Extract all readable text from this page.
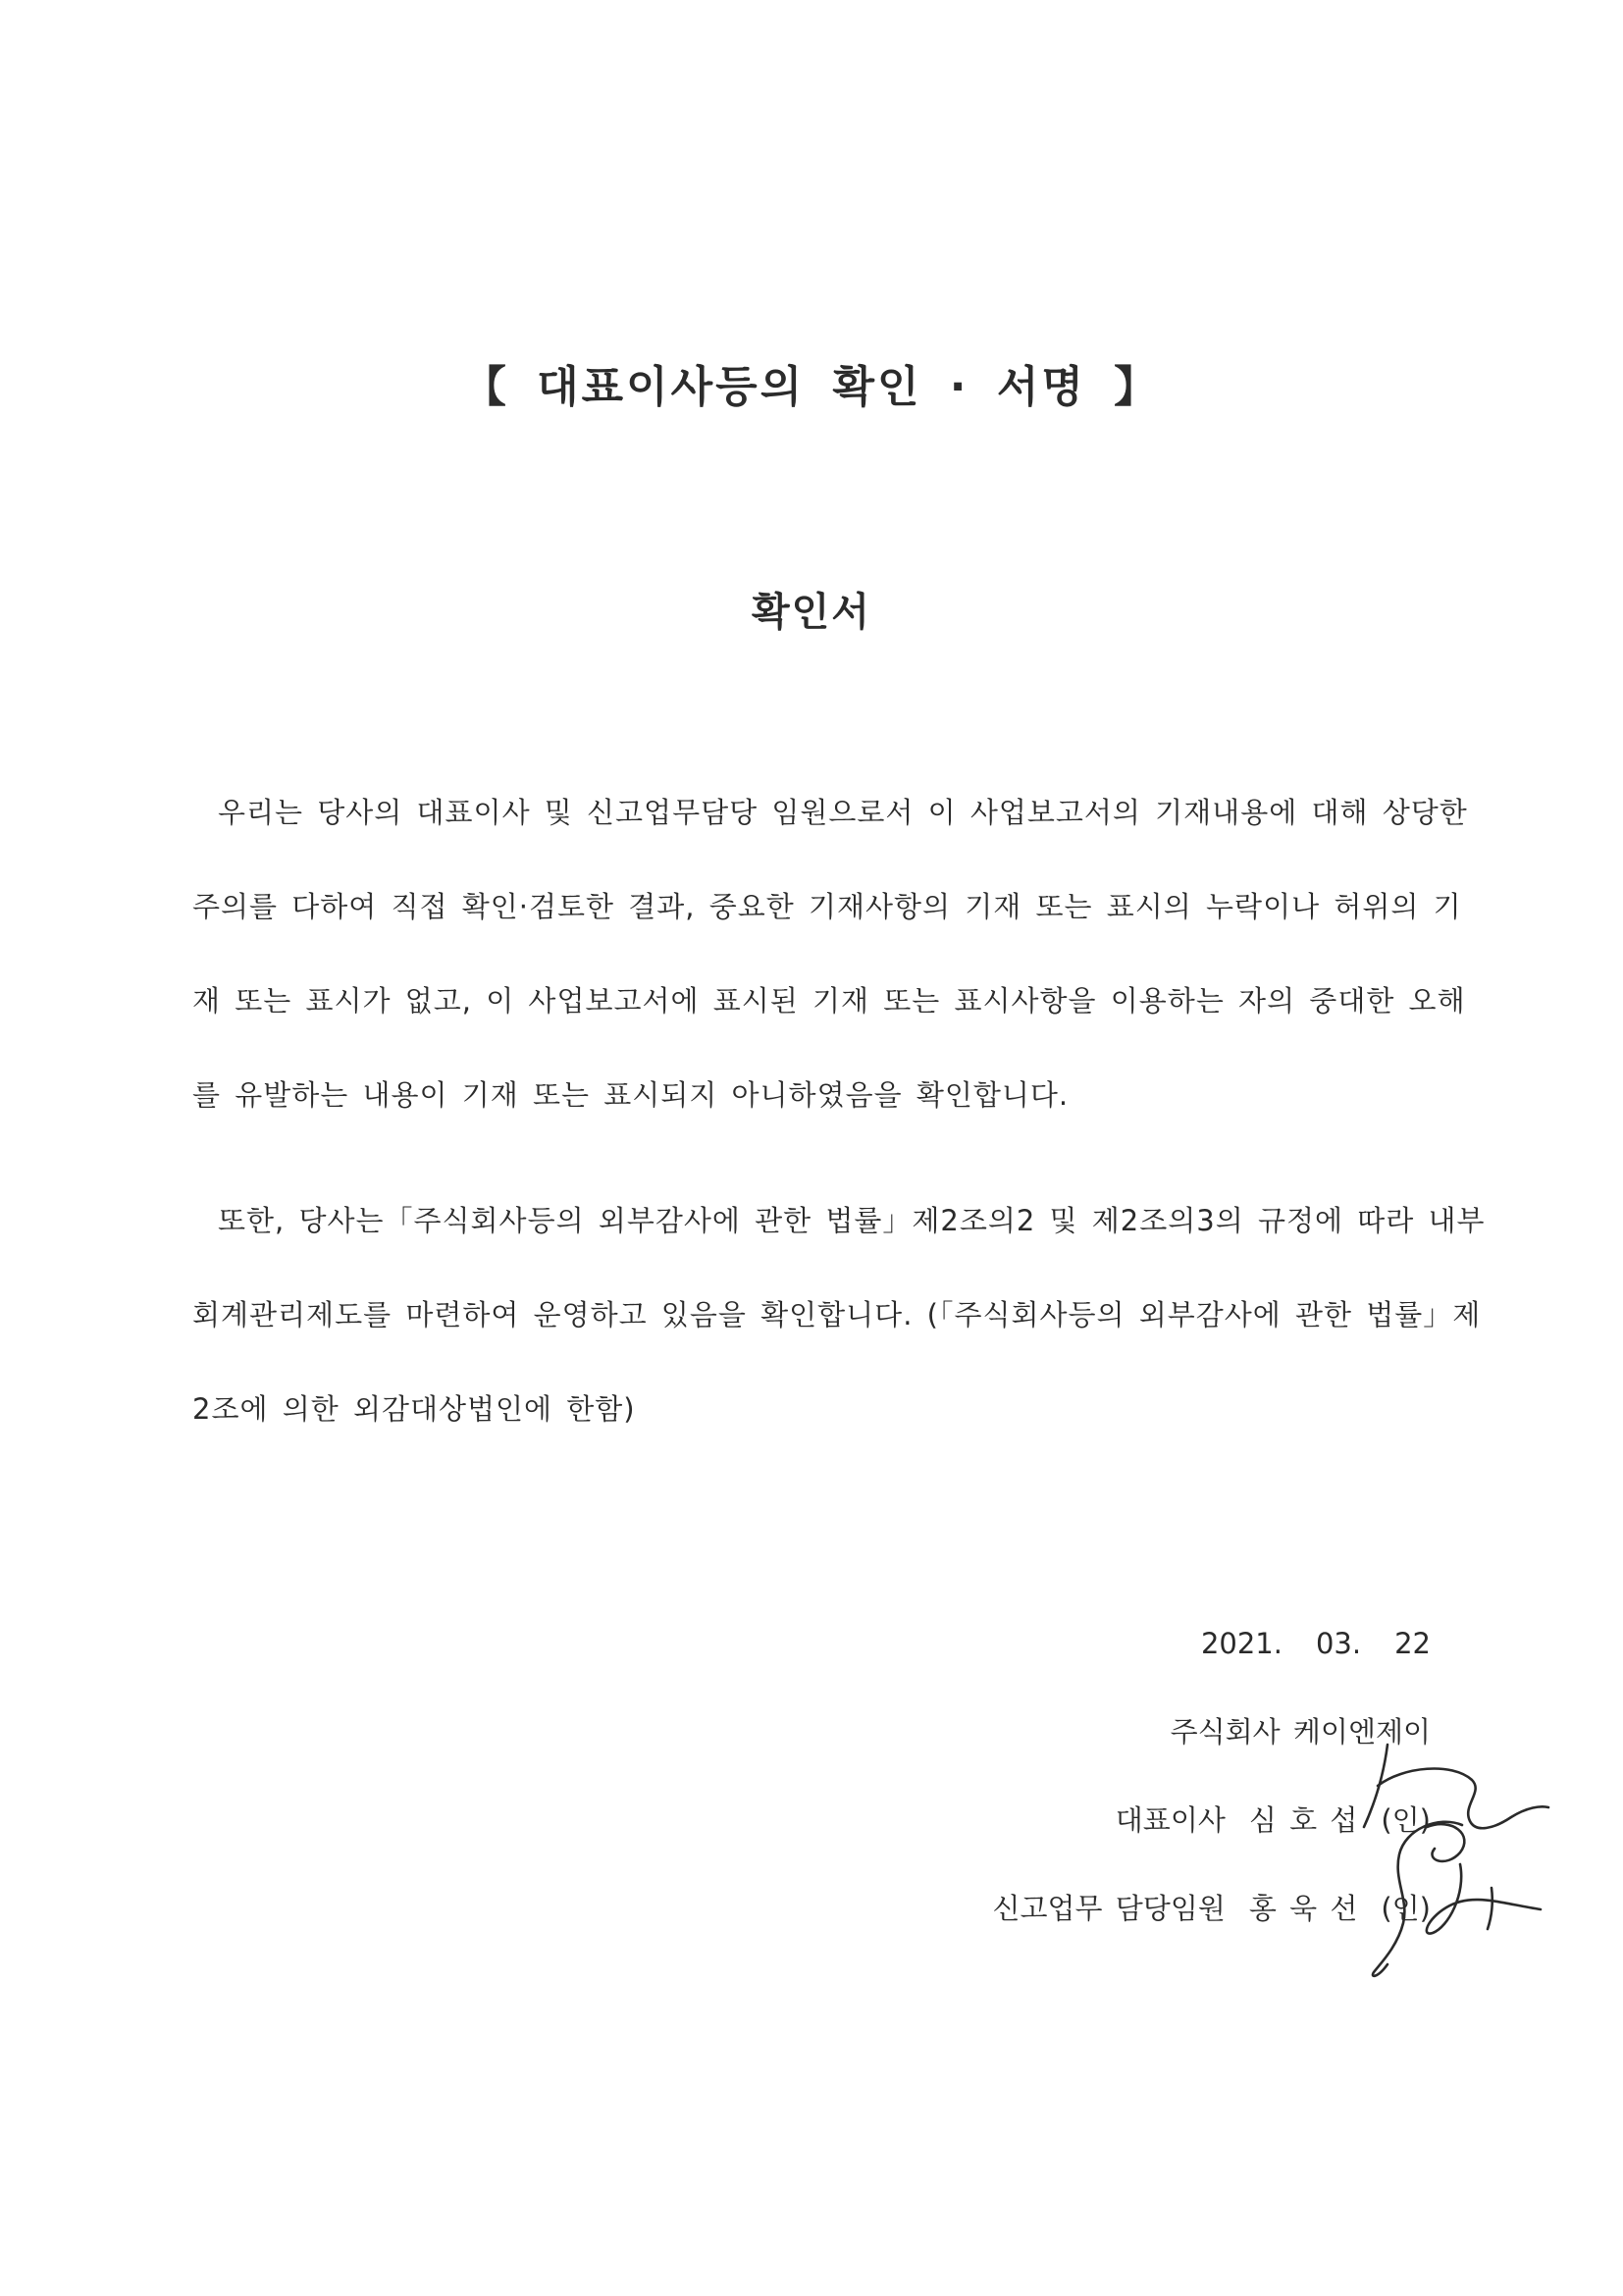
【 대표이사등의 확인 · 서명 】
확인서
우리는 당사의 대표이사 및 신고업무담당 임원으로서 이 사업보고서의 기재내용에 대해 상당한
주의를 다하여 직접 확인·검토한 결과, 중요한 기재사항의 기재 또는 표시의 누락이나 허위의 기
재 또는 표시가 없고, 이 사업보고서에 표시된 기재 또는 표시사항을 이용하는 자의 중대한 오해
를 유발하는 내용이 기재 또는 표시되지 아니하였음을 확인합니다.
또한, 당사는「주식회사등의 외부감사에 관한 법률」제2조의2 및 제2조의3의 규정에 따라 내부
회계관리제도를 마련하여 운영하고 있음을 확인합니다. (「주식회사등의 외부감사에 관한 법률」제
2조에 의한 외감대상법인에 한함)
2021. 03. 22
주식회사 케이엔제이
대표이사 심 호 섭 (인)
신고업무 담당임원 홍 욱 선 (인)
